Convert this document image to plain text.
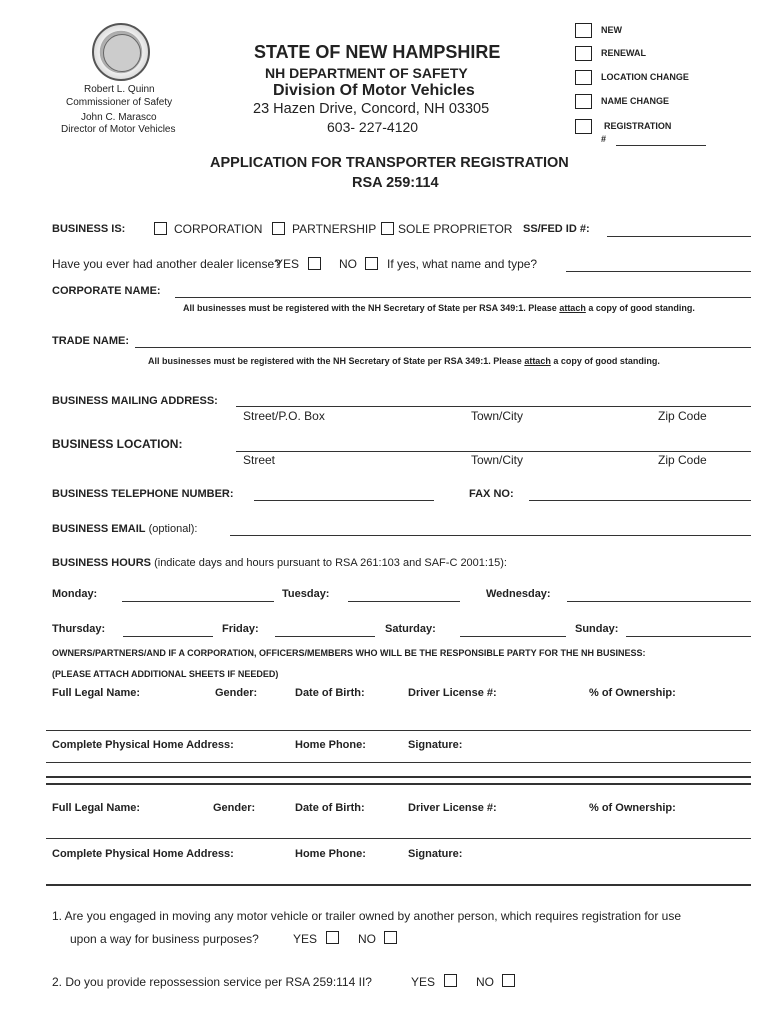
Robert L. Quinn
Commissioner of Safety
John C. Marasco
Director of Motor Vehicles
STATE OF NEW HAMPSHIRE
NH DEPARTMENT OF SAFETY
Division Of Motor Vehicles
23 Hazen Drive, Concord, NH 03305
603- 227-4120
NEW
RENEWAL
LOCATION CHANGE
NAME CHANGE
REGISTRATION
#
APPLICATION FOR TRANSPORTER REGISTRATION
RSA 259:114
BUSINESS IS:	CORPORATION PARTNERSHIP SOLE PROPRIETOR SS/FED ID #:
Have you ever had another dealer license?
YES	NO	If yes, what name and type?
CORPORATE NAME:
All businesses must be registered with the NH Secretary of State per RSA 349:1. Please attach a copy of good standing.
TRADE NAME:
All businesses must be registered with the NH Secretary of State per RSA 349:1. Please attach a copy of good standing.
BUSINESS MAILING ADDRESS:
Street/P.O. Box	Town/City	Zip Code
BUSINESS LOCATION:
Street	Town/City	Zip Code
BUSINESS TELEPHONE NUMBER:	FAX NO:
BUSINESS EMAIL (optional):
BUSINESS HOURS (indicate days and hours pursuant to RSA 261:103 and SAF-C 2001:15):
Monday:	Tuesday:	Wednesday:
Thursday:	Friday:	Saturday:	Sunday:
OWNERS/PARTNERS/AND IF A CORPORATION, OFFICERS/MEMBERS WHO WILL BE THE RESPONSIBLE PARTY FOR THE NH BUSINESS:
(PLEASE ATTACH ADDITIONAL SHEETS IF NEEDED)
Full Legal Name:	Gender:	Date of Birth:	Driver License #:	% of Ownership:
Complete Physical Home Address:	Home Phone:	Signature:
Full Legal Name:	Gender:	Date of Birth:	Driver License #:	% of Ownership:
Complete Physical Home Address:	Home Phone:	Signature:
1. Are you engaged in moving any motor vehicle or trailer owned by another person, which requires registration for use
upon a way for business purposes?	YES	NO
2. Do you provide repossession service per RSA 259:114 II?	YES	NO
